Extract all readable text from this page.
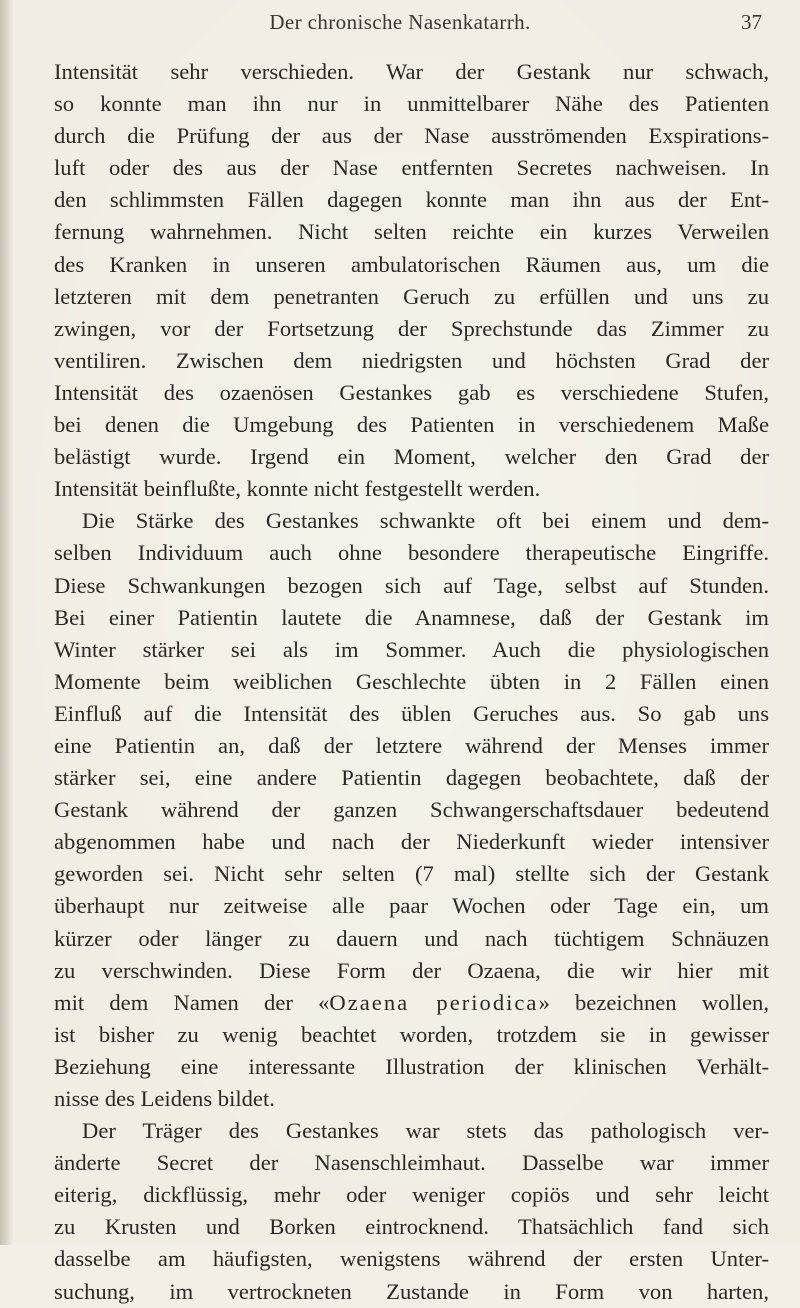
Der chronische Nasenkatarrh.	37
Intensität sehr verschieden. War der Gestank nur schwach,
so konnte man ihn nur in unmittelbarer Nähe des Patienten
durch die Prüfung der aus der Nase ausströmenden Exspirations-
luft oder des aus der Nase entfernten Secretes nachweisen. In
den schlimmsten Fällen dagegen konnte man ihn aus der Ent-
fernung wahrnehmen. Nicht selten reichte ein kurzes Verweilen
des Kranken in unseren ambulatorischen Räumen aus, um die
letzteren mit dem penetranten Geruch zu erfüllen und uns zu
zwingen, vor der Fortsetzung der Sprechstunde das Zimmer zu
ventiliren. Zwischen dem niedrigsten und höchsten Grad der
Intensität des ozaenösen Gestankes gab es verschiedene Stufen,
bei denen die Umgebung des Patienten in verschiedenem Maße
belästigt wurde. Irgend ein Moment, welcher den Grad der
Intensität beinflußte, konnte nicht festgestellt werden.
Die Stärke des Gestankes schwankte oft bei einem und dem-
selben Individuum auch ohne besondere therapeutische Eingriffe.
Diese Schwankungen bezogen sich auf Tage, selbst auf Stunden.
Bei einer Patientin lautete die Anamnese, daß der Gestank im
Winter stärker sei als im Sommer. Auch die physiologischen
Momente beim weiblichen Geschlechte übten in 2 Fällen einen
Einfluß auf die Intensität des üblen Geruches aus. So gab uns
eine Patientin an, daß der letztere während der Menses immer
stärker sei, eine andere Patientin dagegen beobachtete, daß der
Gestank während der ganzen Schwangerschaftsdauer bedeutend
abgenommen habe und nach der Niederkunft wieder intensiver
geworden sei. Nicht sehr selten (7 mal) stellte sich der Gestank
überhaupt nur zeitweise alle paar Wochen oder Tage ein, um
kürzer oder länger zu dauern und nach tüchtigem Schnäuzen
zu verschwinden. Diese Form der Ozaena, die wir hier mit
mit dem Namen der «Ozaena periodica» bezeichnen wollen,
ist bisher zu wenig beachtet worden, trotzdem sie in gewisser
Beziehung eine interessante Illustration der klinischen Verhält-
nisse des Leidens bildet.
Der Träger des Gestankes war stets das pathologisch ver-
änderte Secret der Nasenschleimhaut. Dasselbe war immer
eiterig, dickflüssig, mehr oder weniger copiös und sehr leicht
zu Krusten und Borken eintrocknend. Thatsächlich fand sich
dasselbe am häufigsten, wenigstens während der ersten Unter-
suchung, im vertrockneten Zustande in Form von harten,
